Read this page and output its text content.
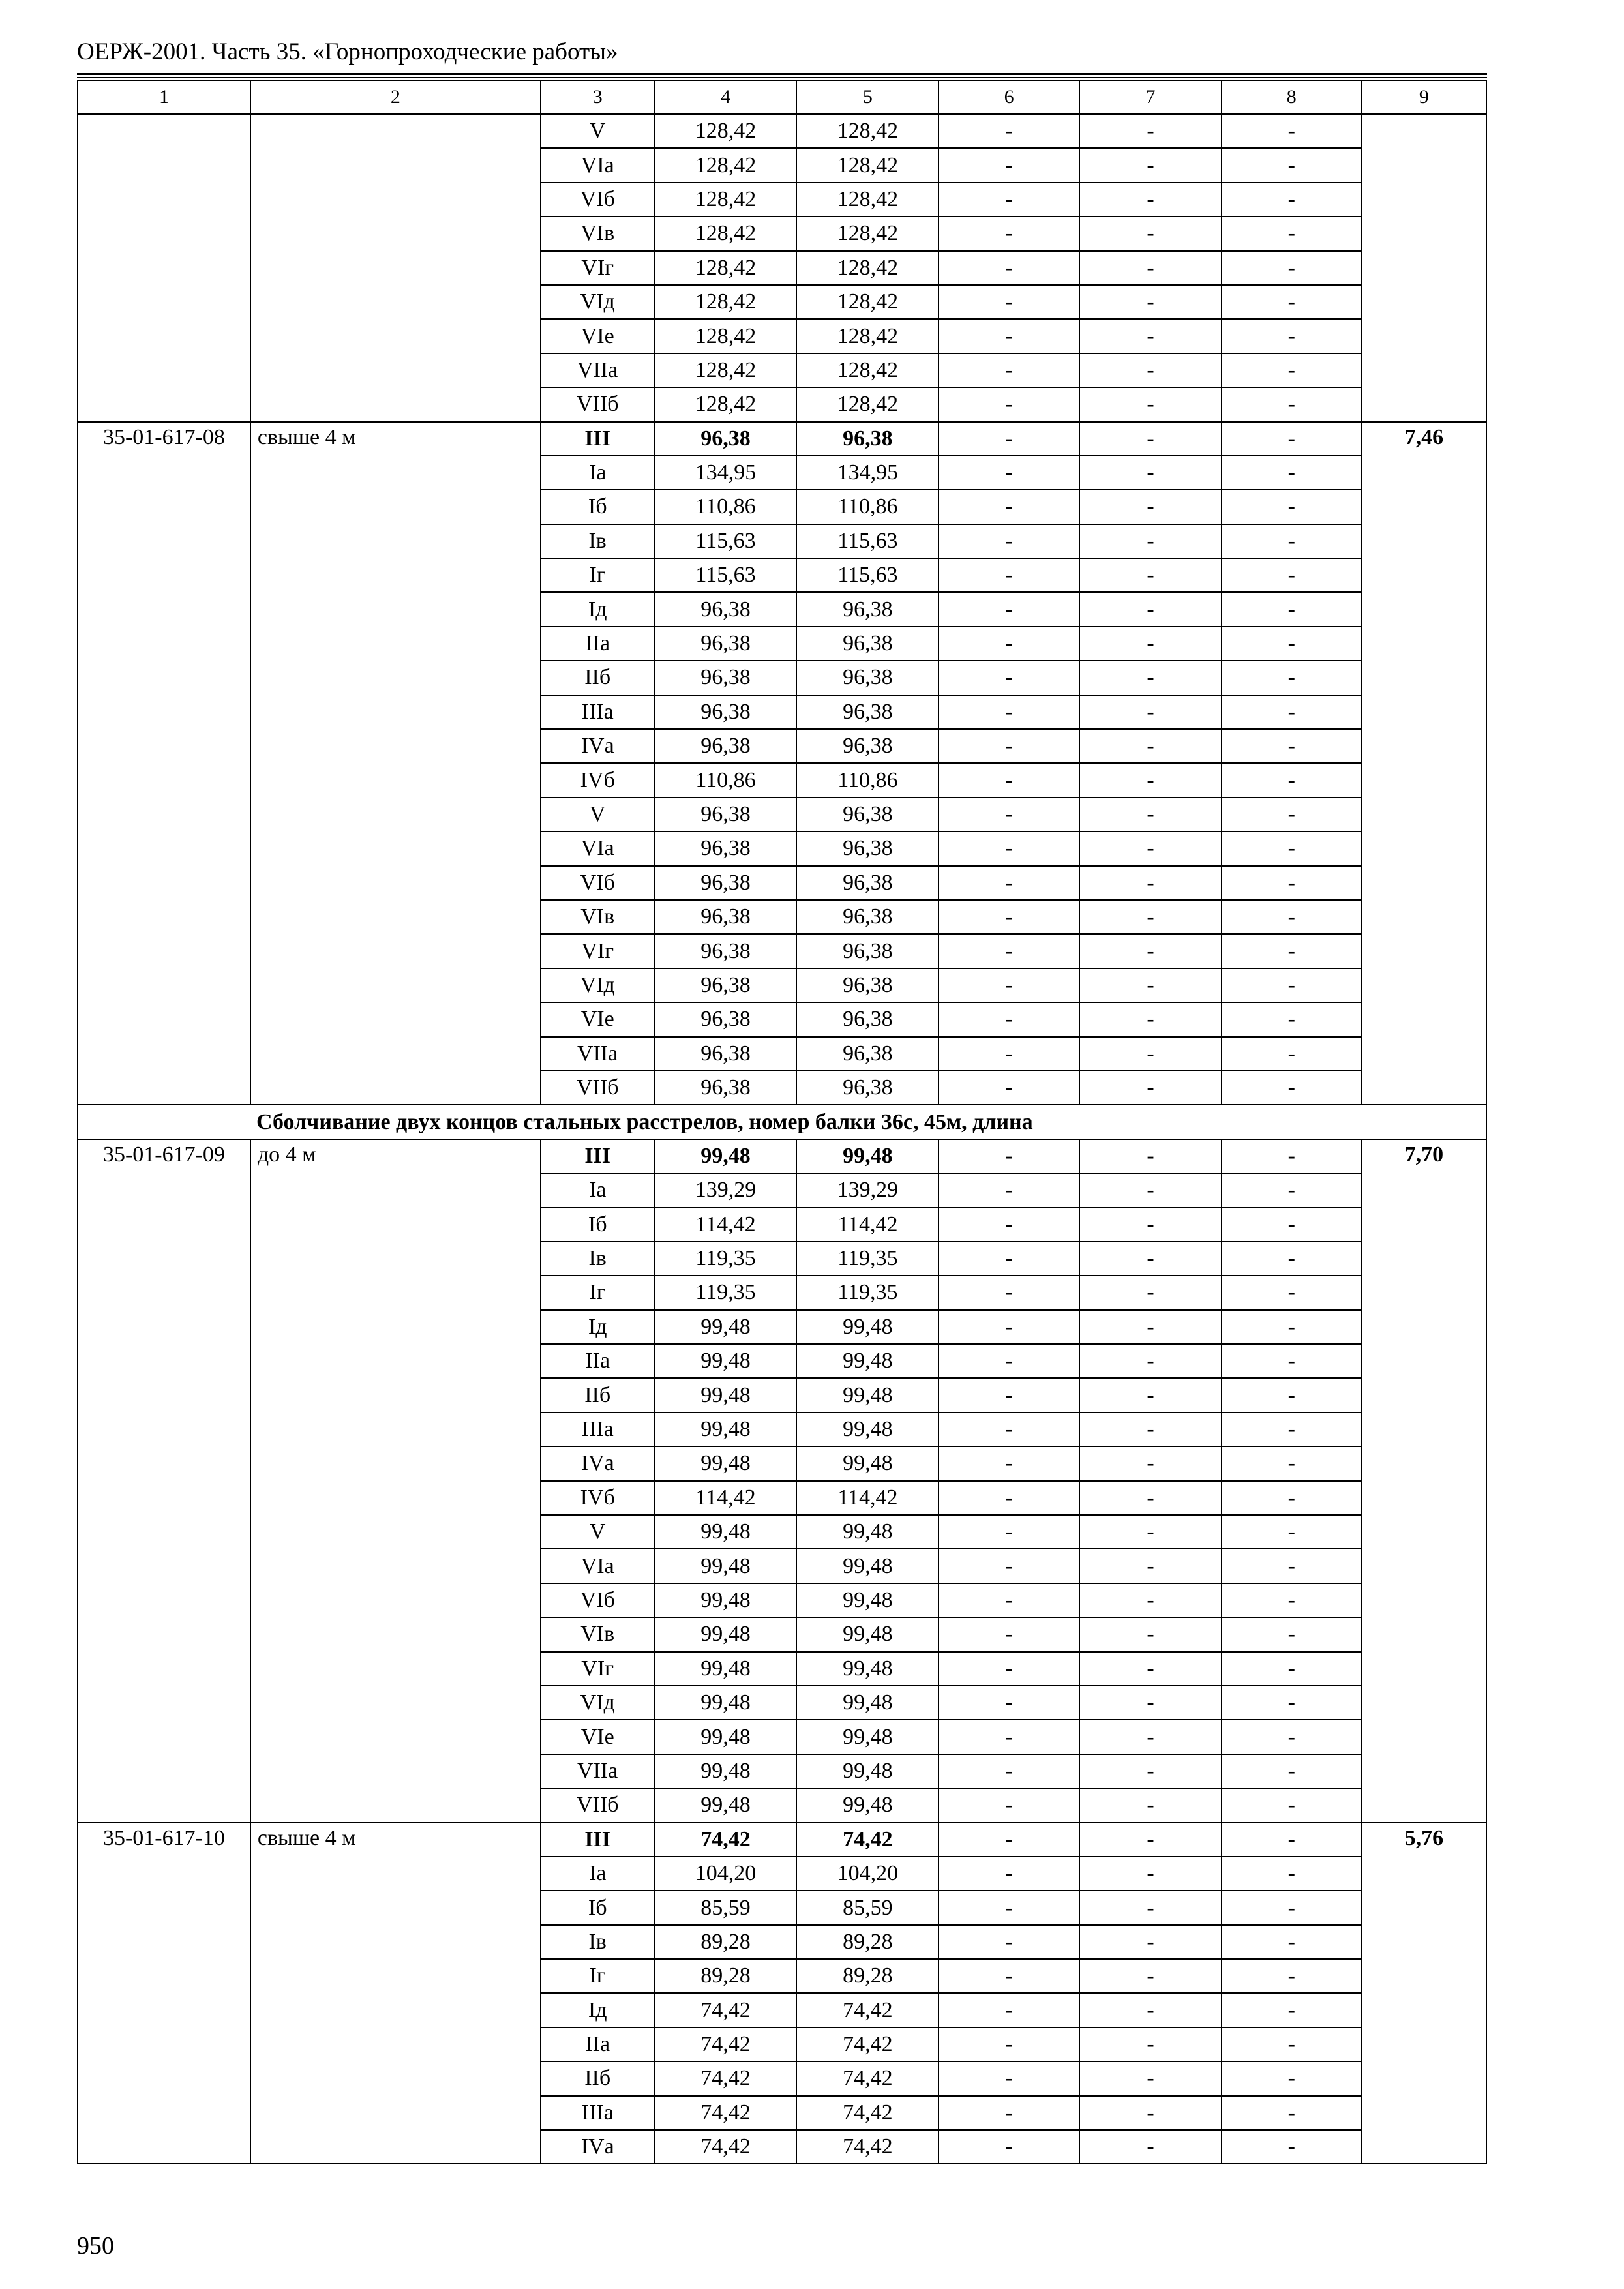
ОЕРЖ-2001. Часть 35. «Горнопроходческие работы»
1	2	3	4	5	6	7	8	9
		V	128,42	128,42	-	-	-	
		VIа	128,42	128,42	-	-	-	
		VIб	128,42	128,42	-	-	-	
		VIв	128,42	128,42	-	-	-	
		VIг	128,42	128,42	-	-	-	
		VIд	128,42	128,42	-	-	-	
		VIе	128,42	128,42	-	-	-	
		VIIа	128,42	128,42	-	-	-	
		VIIб	128,42	128,42	-	-	-	
35-01-617-08	свыше 4 м	III	96,38	96,38	-	-	-	7,46
		Iа	134,95	134,95	-	-	-	
		Iб	110,86	110,86	-	-	-	
		Iв	115,63	115,63	-	-	-	
		Iг	115,63	115,63	-	-	-	
		Iд	96,38	96,38	-	-	-	
		IIа	96,38	96,38	-	-	-	
		IIб	96,38	96,38	-	-	-	
		IIIа	96,38	96,38	-	-	-	
		IVа	96,38	96,38	-	-	-	
		IVб	110,86	110,86	-	-	-	
		V	96,38	96,38	-	-	-	
		VIа	96,38	96,38	-	-	-	
		VIб	96,38	96,38	-	-	-	
		VIв	96,38	96,38	-	-	-	
		VIг	96,38	96,38	-	-	-	
		VIд	96,38	96,38	-	-	-	
		VIе	96,38	96,38	-	-	-	
		VIIа	96,38	96,38	-	-	-	
		VIIб	96,38	96,38	-	-	-	
Сболчивание двух концов стальных расстрелов, номер балки 36с, 45м, длина								
35-01-617-09	до 4 м	III	99,48	99,48	-	-	-	7,70
		Iа	139,29	139,29	-	-	-	
		Iб	114,42	114,42	-	-	-	
		Iв	119,35	119,35	-	-	-	
		Iг	119,35	119,35	-	-	-	
		Iд	99,48	99,48	-	-	-	
		IIа	99,48	99,48	-	-	-	
		IIб	99,48	99,48	-	-	-	
		IIIа	99,48	99,48	-	-	-	
		IVа	99,48	99,48	-	-	-	
		IVб	114,42	114,42	-	-	-	
		V	99,48	99,48	-	-	-	
		VIа	99,48	99,48	-	-	-	
		VIб	99,48	99,48	-	-	-	
		VIв	99,48	99,48	-	-	-	
		VIг	99,48	99,48	-	-	-	
		VIд	99,48	99,48	-	-	-	
		VIе	99,48	99,48	-	-	-	
		VIIа	99,48	99,48	-	-	-	
		VIIб	99,48	99,48	-	-	-	
35-01-617-10	свыше 4 м	III	74,42	74,42	-	-	-	5,76
		Iа	104,20	104,20	-	-	-	
		Iб	85,59	85,59	-	-	-	
		Iв	89,28	89,28	-	-	-	
		Iг	89,28	89,28	-	-	-	
		Iд	74,42	74,42	-	-	-	
		IIа	74,42	74,42	-	-	-	
		IIб	74,42	74,42	-	-	-	
		IIIа	74,42	74,42	-	-	-	
		IVа	74,42	74,42	-	-	-	
950
